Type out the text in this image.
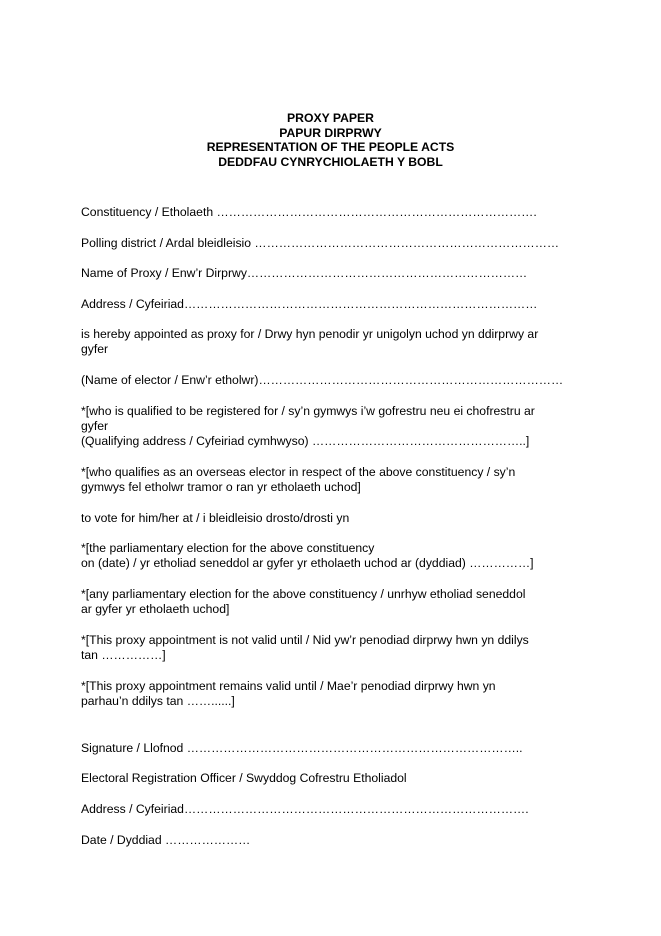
PROXY PAPER
PAPUR DIRPRWY
REPRESENTATION OF THE PEOPLE ACTS
DEDDFAU CYNRYCHIOLAETH Y BOBL
Constituency / Etholaeth …………………………………………………………………….
Polling district / Ardal bleidleisio …………………………………………………………………
Name of Proxy / Enw’r Dirprwy……………………………………………………………
Address / Cyfeiriad……………………………………………………………………………
is hereby appointed as proxy for / Drwy hyn penodir yr unigolyn uchod yn ddirprwy ar
gyfer
(Name of elector / Enw’r etholwr)…………………………………………………………………
*[who is qualified to be registered for / sy’n gymwys i’w gofrestru neu ei chofrestru ar
gyfer
(Qualifying address / Cyfeiriad cymhwyso) ……………………………………………..]
*[who qualifies as an overseas elector in respect of the above constituency / sy’n
gymwys fel etholwr tramor o ran yr etholaeth uchod]
to vote for him/her at / i bleidleisio drosto/drosti yn
*[the parliamentary election for the above constituency
on (date) / yr etholiad seneddol ar gyfer yr etholaeth uchod ar (dyddiad) ……………]
*[any parliamentary election for the above constituency / unrhyw etholiad seneddol
ar gyfer yr etholaeth uchod]
*[This proxy appointment is not valid until / Nid yw’r penodiad dirprwy hwn yn ddilys
tan ……………]
*[This proxy appointment remains valid until / Mae’r penodiad dirprwy hwn yn
parhau’n ddilys tan ……......]
Signature / Llofnod ………………………………………………………………………..
Electoral Registration Officer / Swyddog Cofrestru Etholiadol
Address / Cyfeiriad………………………………………………………………………….
Date / Dyddiad …………………
